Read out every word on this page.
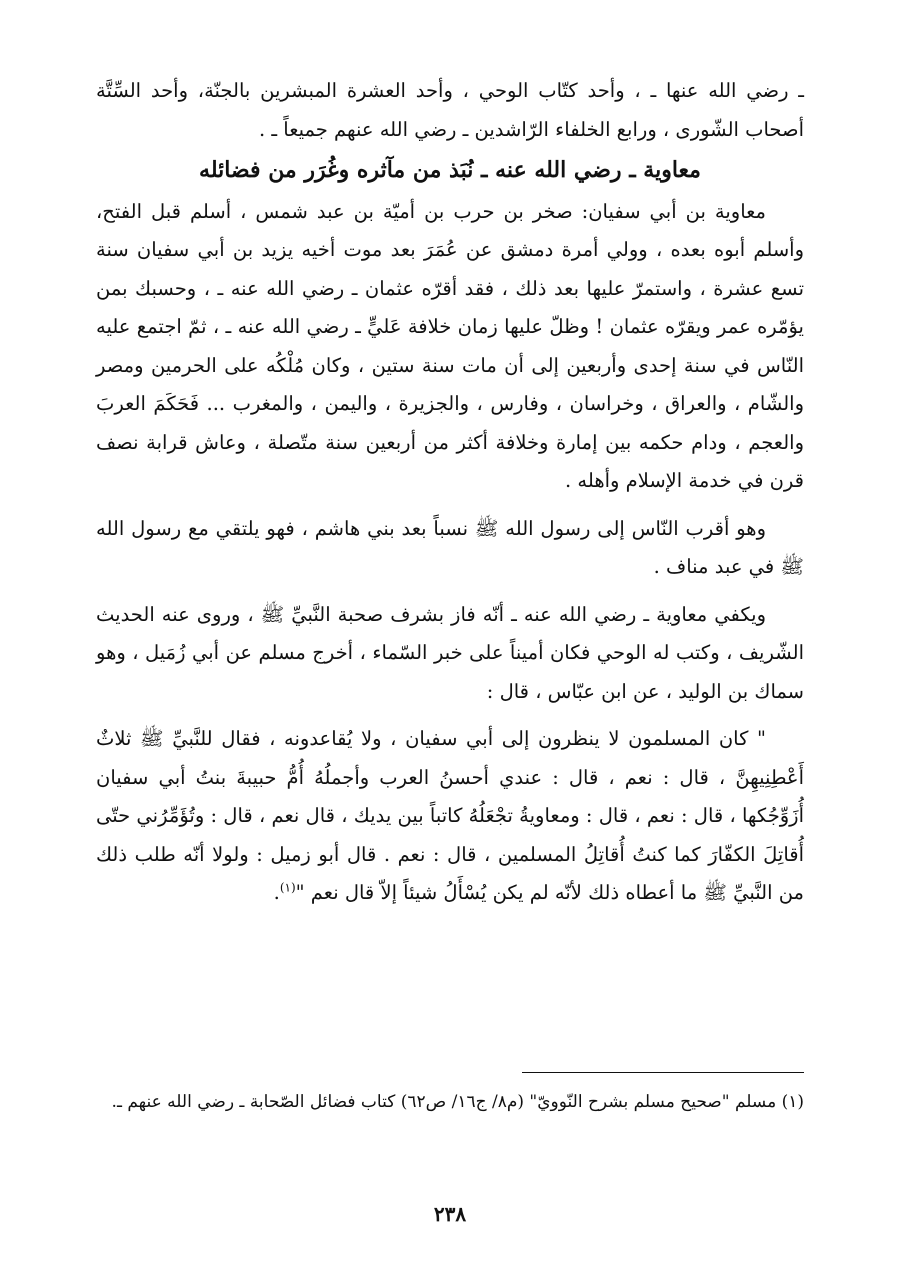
ـ رضي الله عنها ـ ، وأحد كتّاب الوحي ، وأحد العشرة المبشرين بالجنّة، وأحد السِّتَّة أصحاب الشّورى ، ورابع الخلفاء الرّاشدين ـ رضي الله عنهم جميعاً ـ .

معاوية ـ رضي الله عنه ـ نُبَذ من مآثره وغُرَر من فضائله

معاوية بن أبي سفيان: صخر بن حرب بن أميّة بن عبد شمس ، أسلم قبل الفتح، وأسلم أبوه بعده ، وولي أمرة دمشق عن عُمَرَ بعد موت أخيه يزيد بن أبي سفيان سنة تسع عشرة ، واستمرّ عليها بعد ذلك ، فقد أقرّه عثمان ـ رضي الله عنه ـ ، وحسبك بمن يؤمّره عمر ويقرّه عثمان ! وظلّ عليها زمان خلافة عَليٍّ ـ رضي الله عنه ـ ، ثمّ اجتمع عليه النّاس في سنة إحدى وأربعين إلى أن مات سنة ستين ، وكان مُلْكُه على الحرمين ومصر والشّام ، والعراق ، وخراسان ، وفارس ، والجزيرة ، واليمن ، والمغرب ... فَحَكَمَ العربَ والعجم ، ودام حكمه بين إمارة وخلافة أكثر من أربعين سنة متّصلة ، وعاش قرابة نصف قرن في خدمة الإسلام وأهله .

وهو أقرب النّاس إلى رسول الله ﷺ نسباً بعد بني هاشم ، فهو يلتقي مع رسول الله ﷺ في عبد مناف .

ويكفي معاوية ـ رضي الله عنه ـ أنّه فاز بشرف صحبة النَّبيِّ ﷺ ، وروى عنه الحديث الشّريف ، وكتب له الوحي فكان أميناً على خبر السّماء ، أخرج مسلم عن أبي زُمَيل ، وهو سماك بن الوليد ، عن ابن عبّاس ، قال :

" كان المسلمون لا ينظرون إلى أبي سفيان ، ولا يُقاعدونه ، فقال للنَّبيِّ ﷺ ثلاثٌ أَعْطِنِيهِنَّ ، قال : نعم ، قال : عندي أحسنُ العرب وأجملُهُ أُمُّ حبيبةَ بنتُ أبي سفيان أُزَوِّجُكها ، قال : نعم ، قال : ومعاويةُ تجْعَلُهُ كاتباً بين يديك ، قال نعم ، قال : وتُؤَمِّرُني حتّى أُقاتِلَ الكفّارَ كما كنتُ أُقاتِلُ المسلمين ، قال : نعم . قال أبو زميل : ولولا أنّه طلب ذلك من النَّبيِّ ﷺ ما أعطاه ذلك لأنّه لم يكن يُسْأَلُ شيئاً إلاّ قال نعم "$^{(١)}$.

(١) مسلم "صحيح مسلم بشرح النّوويّ" (م٨/ ج١٦/ ص٦٢) كتاب فضائل الصّحابة ـ رضي الله عنهم ـ.

٢٣٨
